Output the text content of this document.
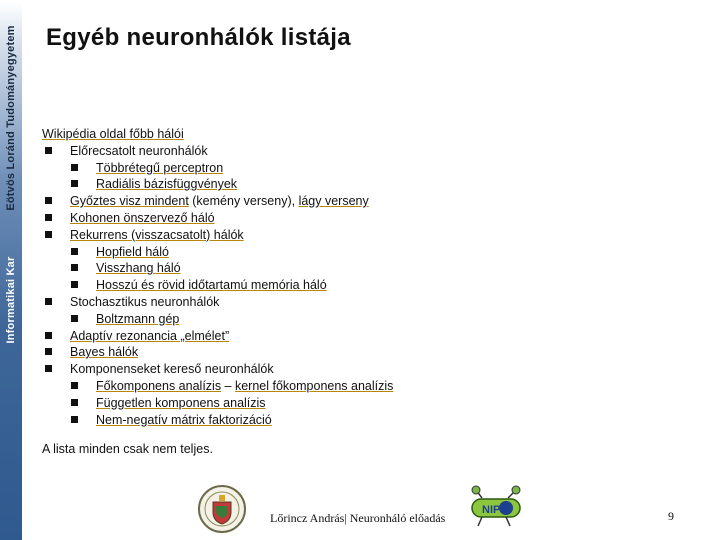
Eötvös Loránd Tudományegyetem
Informatikai Kar
Egyéb neuronhálók listája
Wikipédia oldal főbb hálói
Előrecsatolt neuronhálók
Többrétegű perceptron
Radiális bázisfüggvények
Győztes visz mindent (kemény verseny), lágy verseny
Kohonen önszervező háló
Rekurrens (visszacsatolt) hálók
Hopfield háló
Visszhang háló
Hosszú és rövid időtartamú memória háló
Stochasztikus neuronhálók
Boltzmann gép
Adaptív rezonancia „elmélet”
Bayes hálók
Komponenseket kereső neuronhálók
Főkomponens analízis – kernel főkomponens analízis
Független komponens analízis
Nem-negatív mátrix faktorizáció
A lista minden csak nem teljes.
Lőrincz András| Neuronháló előadás
NIPG	9
